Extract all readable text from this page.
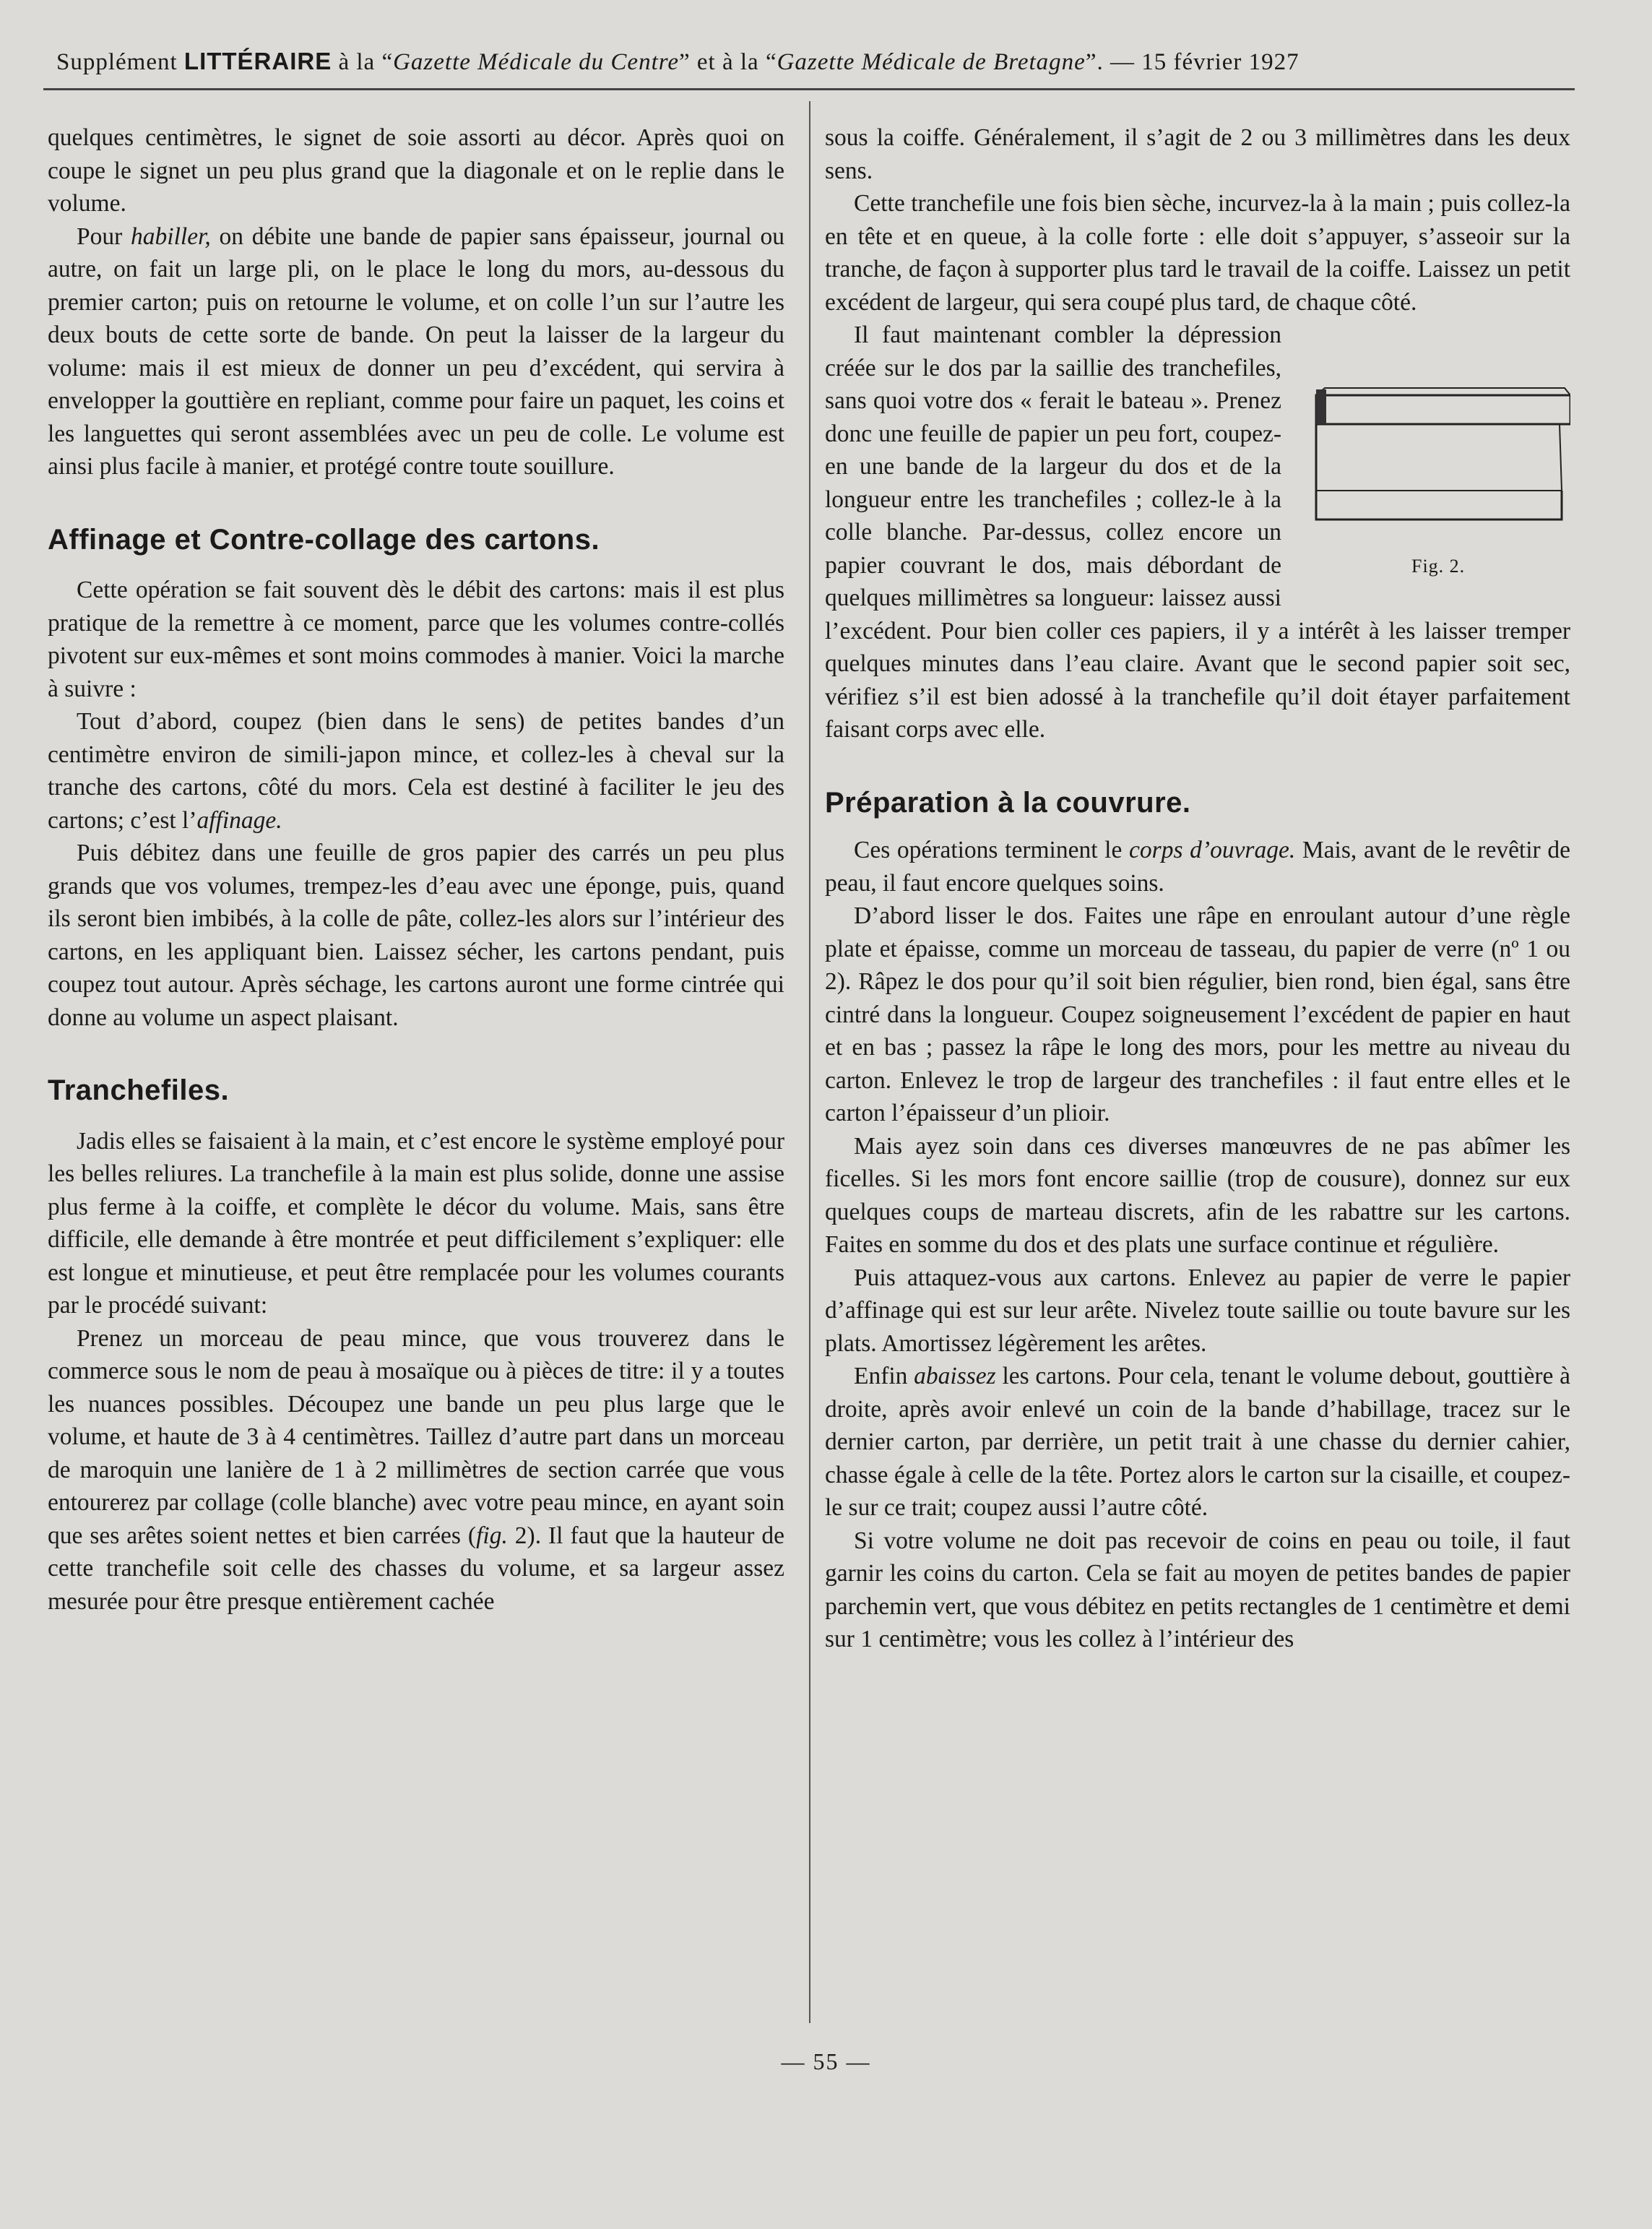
Supplément LITTÉRAIRE à la “Gazette Médicale du Centre” et à la “Gazette Médicale de Bretagne”. — 15 février 1927

quelques centimètres, le signet de soie assorti au décor. Après quoi on coupe le signet un peu plus grand que la diagonale et on le replie dans le volume.

Pour habiller, on débite une bande de papier sans épaisseur, journal ou autre, on fait un large pli, on le place le long du mors, au-dessous du premier carton; puis on retourne le volume, et on colle l’un sur l’autre les deux bouts de cette sorte de bande. On peut la laisser de la largeur du volume: mais il est mieux de donner un peu d’excédent, qui servira à envelopper la gouttière en repliant, comme pour faire un paquet, les coins et les languettes qui seront assemblées avec un peu de colle. Le volume est ainsi plus facile à manier, et protégé contre toute souillure.

Affinage et Contre-collage des cartons.

Cette opération se fait souvent dès le débit des cartons: mais il est plus pratique de la remettre à ce moment, parce que les volumes contre-collés pivotent sur eux-mêmes et sont moins commodes à manier. Voici la marche à suivre :

Tout d’abord, coupez (bien dans le sens) de petites bandes d’un centimètre environ de simili-japon mince, et collez-les à cheval sur la tranche des cartons, côté du mors. Cela est destiné à faciliter le jeu des cartons; c’est l’affinage.

Puis débitez dans une feuille de gros papier des carrés un peu plus grands que vos volumes, trempez-les d’eau avec une éponge, puis, quand ils seront bien imbibés, à la colle de pâte, collez-les alors sur l’intérieur des cartons, en les appliquant bien. Laissez sécher, les cartons pendant, puis coupez tout autour. Après séchage, les cartons auront une forme cintrée qui donne au volume un aspect plaisant.

Tranchefiles.

Jadis elles se faisaient à la main, et c’est encore le système employé pour les belles reliures. La tranchefile à la main est plus solide, donne une assise plus ferme à la coiffe, et complète le décor du volume. Mais, sans être difficile, elle demande à être montrée et peut difficilement s’expliquer: elle est longue et minutieuse, et peut être remplacée pour les volumes courants par le procédé suivant:

Prenez un morceau de peau mince, que vous trouverez dans le commerce sous le nom de peau à mosaïque ou à pièces de titre: il y a toutes les nuances possibles. Découpez une bande un peu plus large que le volume, et haute de 3 à 4 centimètres. Taillez d’autre part dans un morceau de maroquin une lanière de 1 à 2 millimètres de section carrée que vous entourerez par collage (colle blanche) avec votre peau mince, en ayant soin que ses arêtes soient nettes et bien carrées (fig. 2). Il faut que la hauteur de cette tranchefile soit celle des chasses du volume, et sa largeur assez mesurée pour être presque entièrement cachée

sous la coiffe. Généralement, il s’agit de 2 ou 3 millimètres dans les deux sens.

Cette tranchefile une fois bien sèche, incurvez-la à la main ; puis collez-la en tête et en queue, à la colle forte : elle doit s’appuyer, s’asseoir sur la tranche, de façon à supporter plus tard le travail de la coiffe. Laissez un petit excédent de largeur, qui sera coupé plus tard, de chaque côté.

Fig. 2.

Il faut maintenant combler la dépression créée sur le dos par la saillie des tranchefiles, sans quoi votre dos « ferait le bateau ». Prenez donc une feuille de papier un peu fort, coupez-en une bande de la largeur du dos et de la longueur entre les tranchefiles ; collez-le à la colle blanche. Par-dessus, collez encore un papier couvrant le dos, mais débordant de quelques millimètres sa longueur: laissez aussi l’excédent. Pour bien coller ces papiers, il y a intérêt à les laisser tremper quelques minutes dans l’eau claire. Avant que le second papier soit sec, vérifiez s’il est bien adossé à la tranchefile qu’il doit étayer parfaitement faisant corps avec elle.

Préparation à la couvrure.

Ces opérations terminent le corps d’ouvrage. Mais, avant de le revêtir de peau, il faut encore quelques soins.

D’abord lisser le dos. Faites une râpe en enroulant autour d’une règle plate et épaisse, comme un morceau de tasseau, du papier de verre (nº 1 ou 2). Râpez le dos pour qu’il soit bien régulier, bien rond, bien égal, sans être cintré dans la longueur. Coupez soigneusement l’excédent de papier en haut et en bas ; passez la râpe le long des mors, pour les mettre au niveau du carton. Enlevez le trop de largeur des tranchefiles : il faut entre elles et le carton l’épaisseur d’un plioir.

Mais ayez soin dans ces diverses manœuvres de ne pas abîmer les ficelles. Si les mors font encore saillie (trop de cousure), donnez sur eux quelques coups de marteau discrets, afin de les rabattre sur les cartons. Faites en somme du dos et des plats une surface continue et régulière.

Puis attaquez-vous aux cartons. Enlevez au papier de verre le papier d’affinage qui est sur leur arête. Nivelez toute saillie ou toute bavure sur les plats. Amortissez légèrement les arêtes.

Enfin abaissez les cartons. Pour cela, tenant le volume debout, gouttière à droite, après avoir enlevé un coin de la bande d’habillage, tracez sur le dernier carton, par derrière, un petit trait à une chasse du dernier cahier, chasse égale à celle de la tête. Portez alors le carton sur la cisaille, et coupez-le sur ce trait; coupez aussi l’autre côté.

Si votre volume ne doit pas recevoir de coins en peau ou toile, il faut garnir les coins du carton. Cela se fait au moyen de petites bandes de papier parchemin vert, que vous débitez en petits rectangles de 1 centimètre et demi sur 1 centimètre; vous les collez à l’intérieur des

— 55 —
